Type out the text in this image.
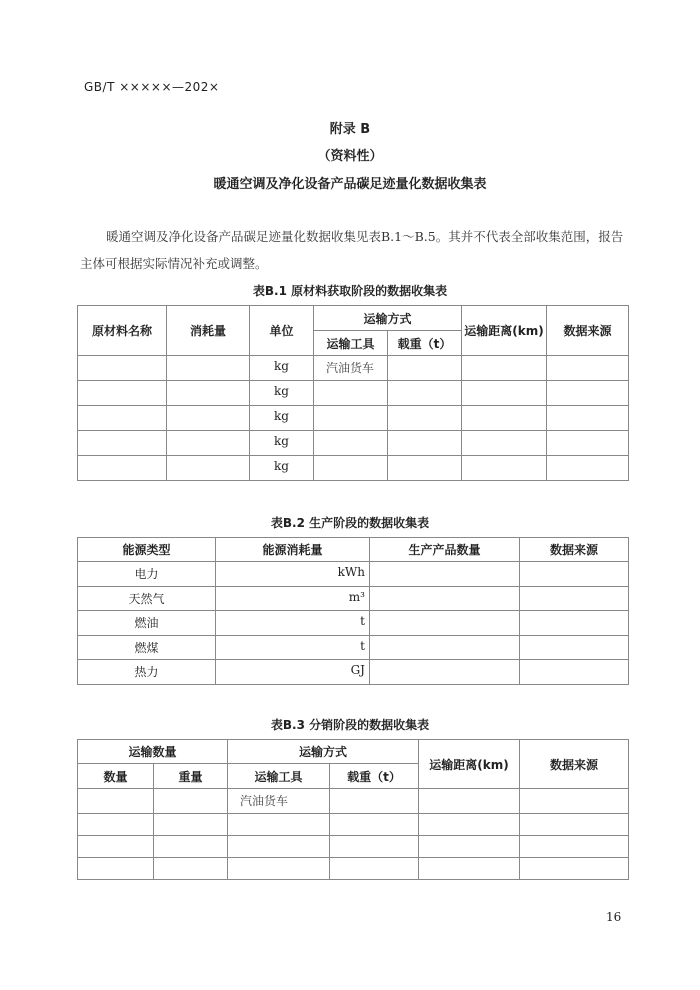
GB/T ×××××—202×
附录 B
（资料性）
暖通空调及净化设备产品碳足迹量化数据收集表
暖通空调及净化设备产品碳足迹量化数据收集见表B.1～B.5。其并不代表全部收集范围，报告主体可根据实际情况补充或调整。
表B.1 原材料获取阶段的数据收集表
原材料名称	消耗量	单位	运输方式		运输距离(km)	数据来源
			运输工具	载重（t）		
		kg	汽油货车			
		kg				
		kg				
		kg				
		kg				
表B.2 生产阶段的数据收集表
能源类型	能源消耗量	生产产品数量	数据来源
电力	kWh		
天然气	m³		
燃油	t		
燃煤	t		
热力	GJ		
表B.3 分销阶段的数据收集表
运输数量		运输方式		运输距离(km)	数据来源
数量	重量	运输工具	载重（t）		
		汽油货车			

16
